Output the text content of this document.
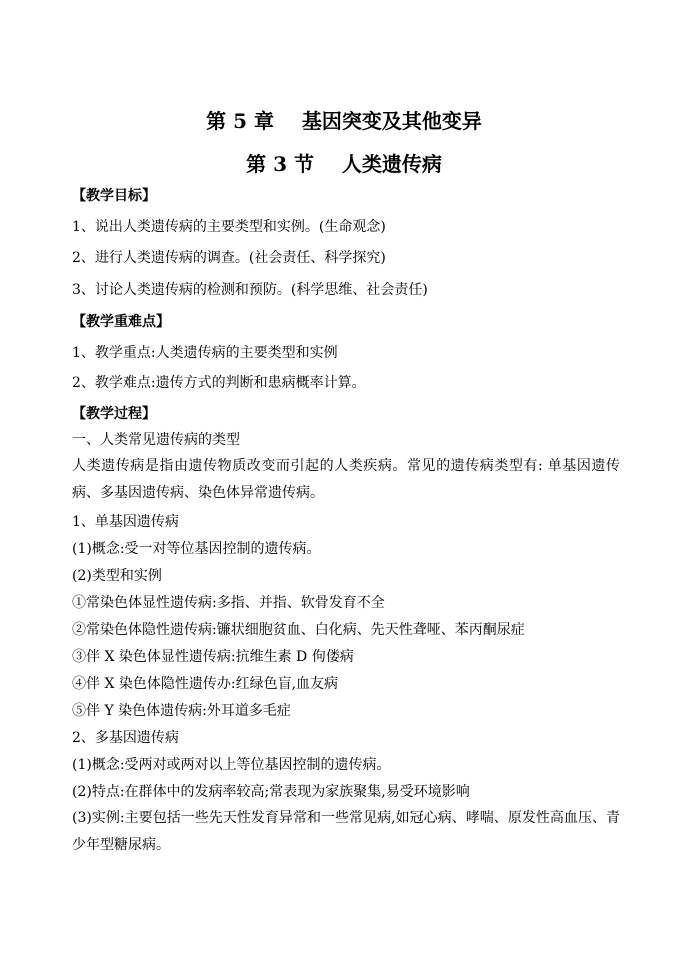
第 5 章    基因突变及其他变异
第 3 节    人类遗传病
【教学目标】
1、说出人类遗传病的主要类型和实例。(生命观念)
2、进行人类遗传病的调查。(社会责任、科学探究)
3、讨论人类遗传病的检测和预防。(科学思维、社会责任)
【教学重难点】
1、教学重点:人类遗传病的主要类型和实例
2、教学难点:遗传方式的判断和患病概率计算。
【教学过程】
一、人类常见遗传病的类型
人类遗传病是指由遗传物质改变而引起的人类疾病。常见的遗传病类型有: 单基因遗传病、多基因遗传病、染色体异常遗传病。
1、单基因遗传病
(1)概念:受一对等位基因控制的遗传病。
(2)类型和实例
①常染色体显性遗传病:多指、并指、软骨发育不全
②常染色体隐性遗传病:镰状细胞贫血、白化病、先天性聋哑、苯丙酮尿症
③伴 X 染色体显性遗传病:抗维生素 D 佝偻病
④伴 X 染色体隐性遗传办:红绿色盲,血友病
⑤伴 Y 染色体遗传病:外耳道多毛症
2、多基因遗传病
(1)概念:受两对或两对以上等位基因控制的遗传病。
(2)特点:在群体中的发病率较高;常表现为家族聚集,易受环境影响
(3)实例:主要包括一些先天性发育异常和一些常见病,如冠心病、哮喘、原发性高血压、青少年型糖尿病。
